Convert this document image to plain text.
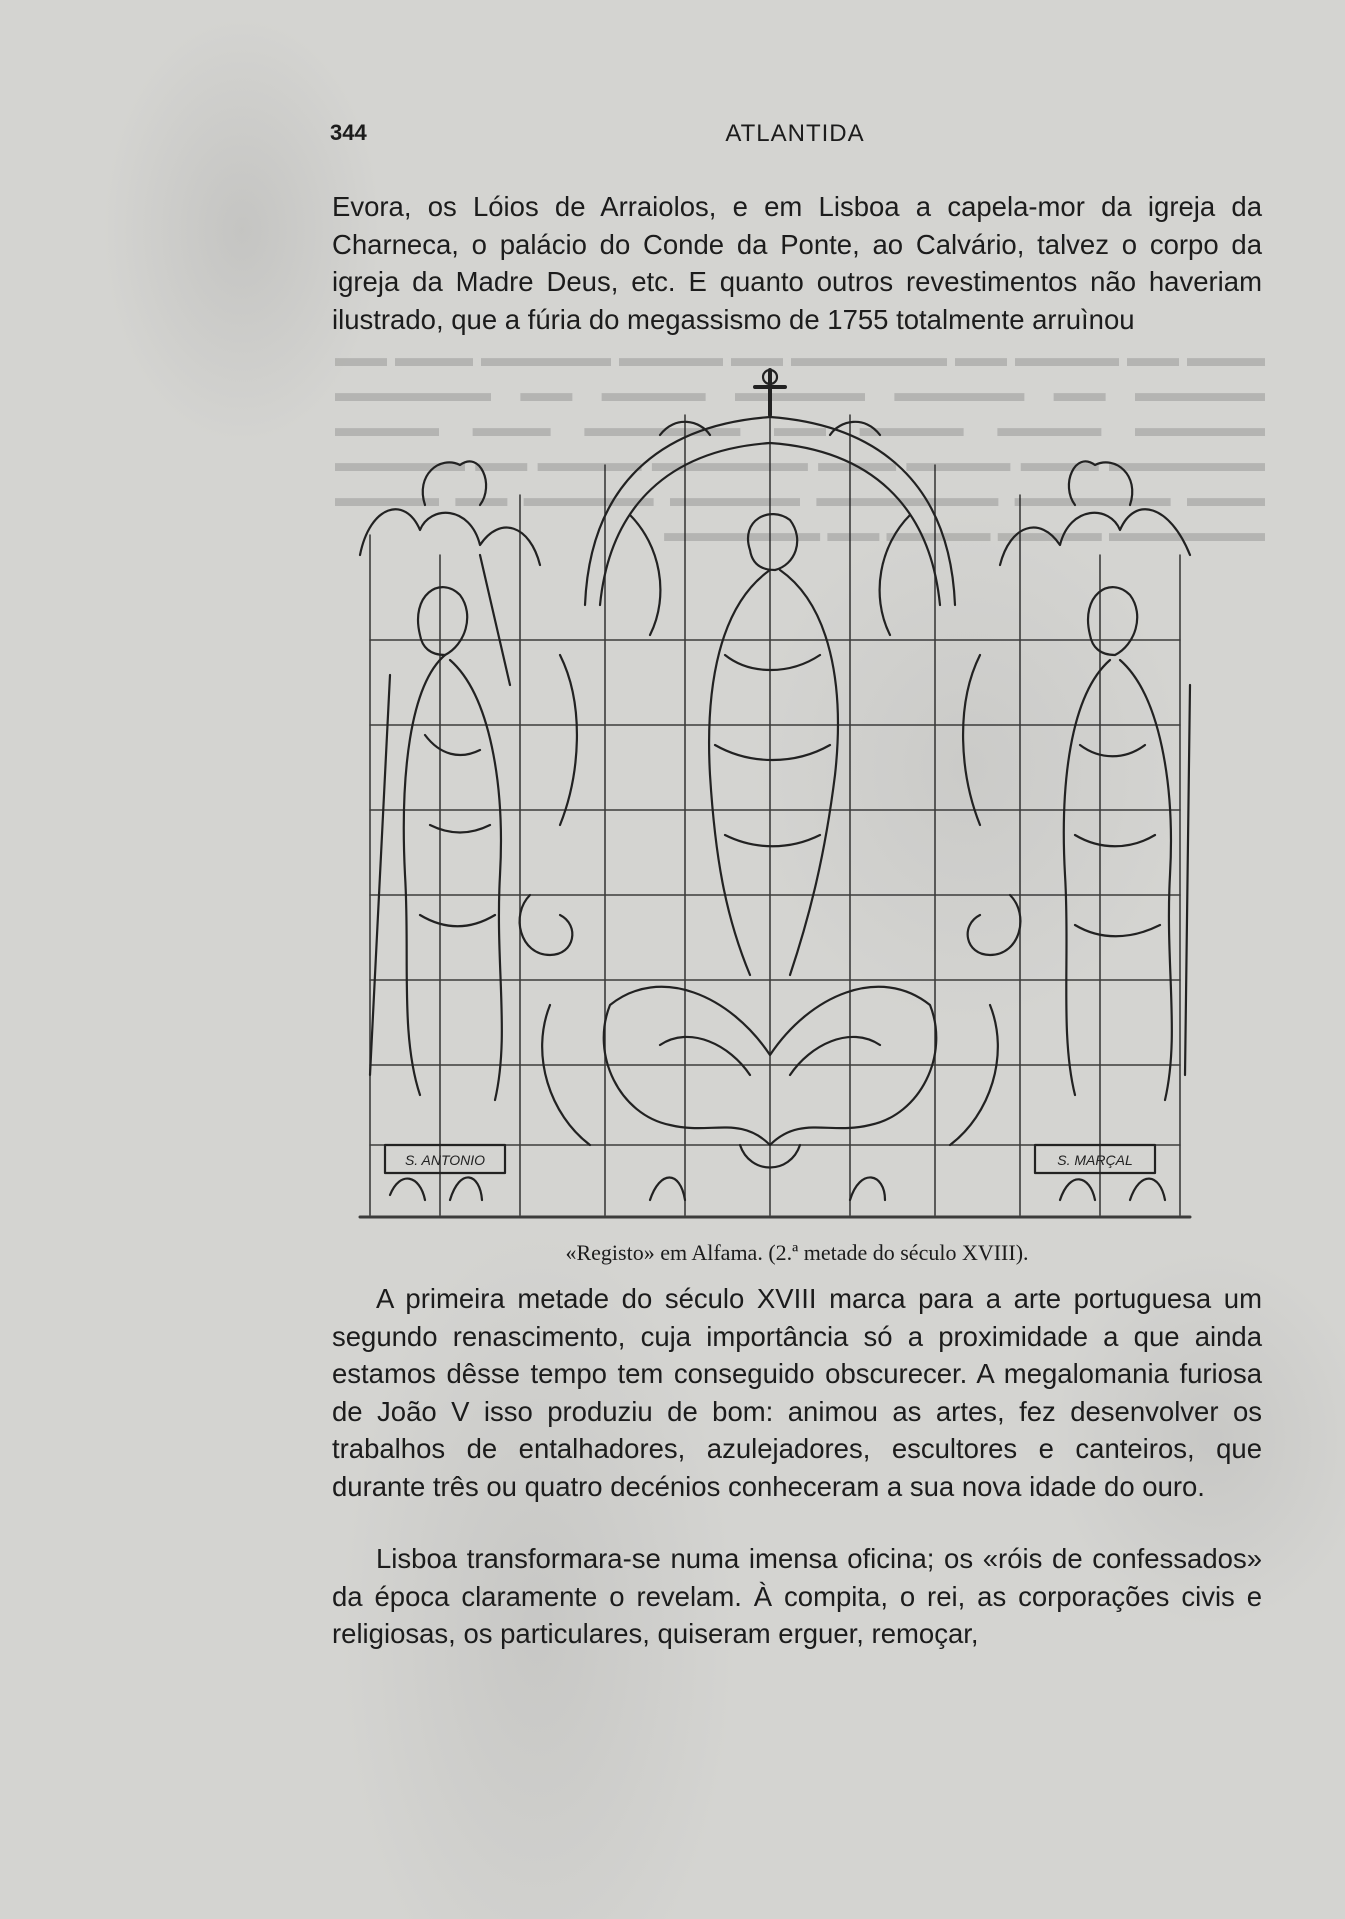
▬▬▬ ▬▬ ▬▬▬▬ ▬▬ ▬▬▬▬▬▬ ▬▬ ▬▬▬▬ ▬▬▬▬▬ ▬▬▬ ▬▬ ▬▬▬▬▬ ▬▬ ▬▬▬▬▬ ▬▬▬▬▬ ▬▬▬▬ ▬▬ ▬▬▬▬▬▬ ▬▬▬▬▬ ▬▬▬▬ ▬▬▬▬ ▬▬ ▬▬▬▬▬▬ ▬▬▬ ▬▬▬▬ ▬▬▬▬▬▬ ▬▬▬ ▬▬▬▬ ▬▬▬ ▬▬▬▬▬▬ ▬▬▬▬ ▬▬ ▬▬▬▬▬ ▬▬▬ ▬▬▬▬▬▬ ▬▬▬▬▬▬▬ ▬▬▬▬▬ ▬▬▬▬▬ ▬▬ ▬▬▬▬ ▬▬▬▬▬▬ ▬▬▬▬ ▬▬▬▬ ▬▬ ▬▬▬▬▬▬
344	ATLANTIDA

Evora, os Lóios de Arraiolos, e em Lisboa a capela-mor da igreja da Charneca, o palácio do Conde da Ponte, ao Calvário, talvez o corpo da igreja da Madre Deus, etc. E quanto outros revestimentos não haveriam ilustrado, que a fúria do megassismo de 1755 totalmente arruìnou

S. ANTONIO	S. MARÇAL
«Registo» em Alfama. (2.ª metade do século XVIII).

A primeira metade do século XVIII marca para a arte portuguesa um segundo renascimento, cuja importância só a proximidade a que ainda estamos dêsse tempo tem conseguido obscurecer. A megalomania furiosa de João V isso produziu de bom: animou as artes, fez desenvolver os trabalhos de entalhadores, azulejadores, escultores e canteiros, que durante três ou quatro decénios conheceram a sua nova idade do ouro.

Lisboa transformara-se numa imensa oficina; os «róis de confessados» da época claramente o revelam. À compita, o rei, as corporações civis e religiosas, os particulares, quiseram erguer, remoçar,
